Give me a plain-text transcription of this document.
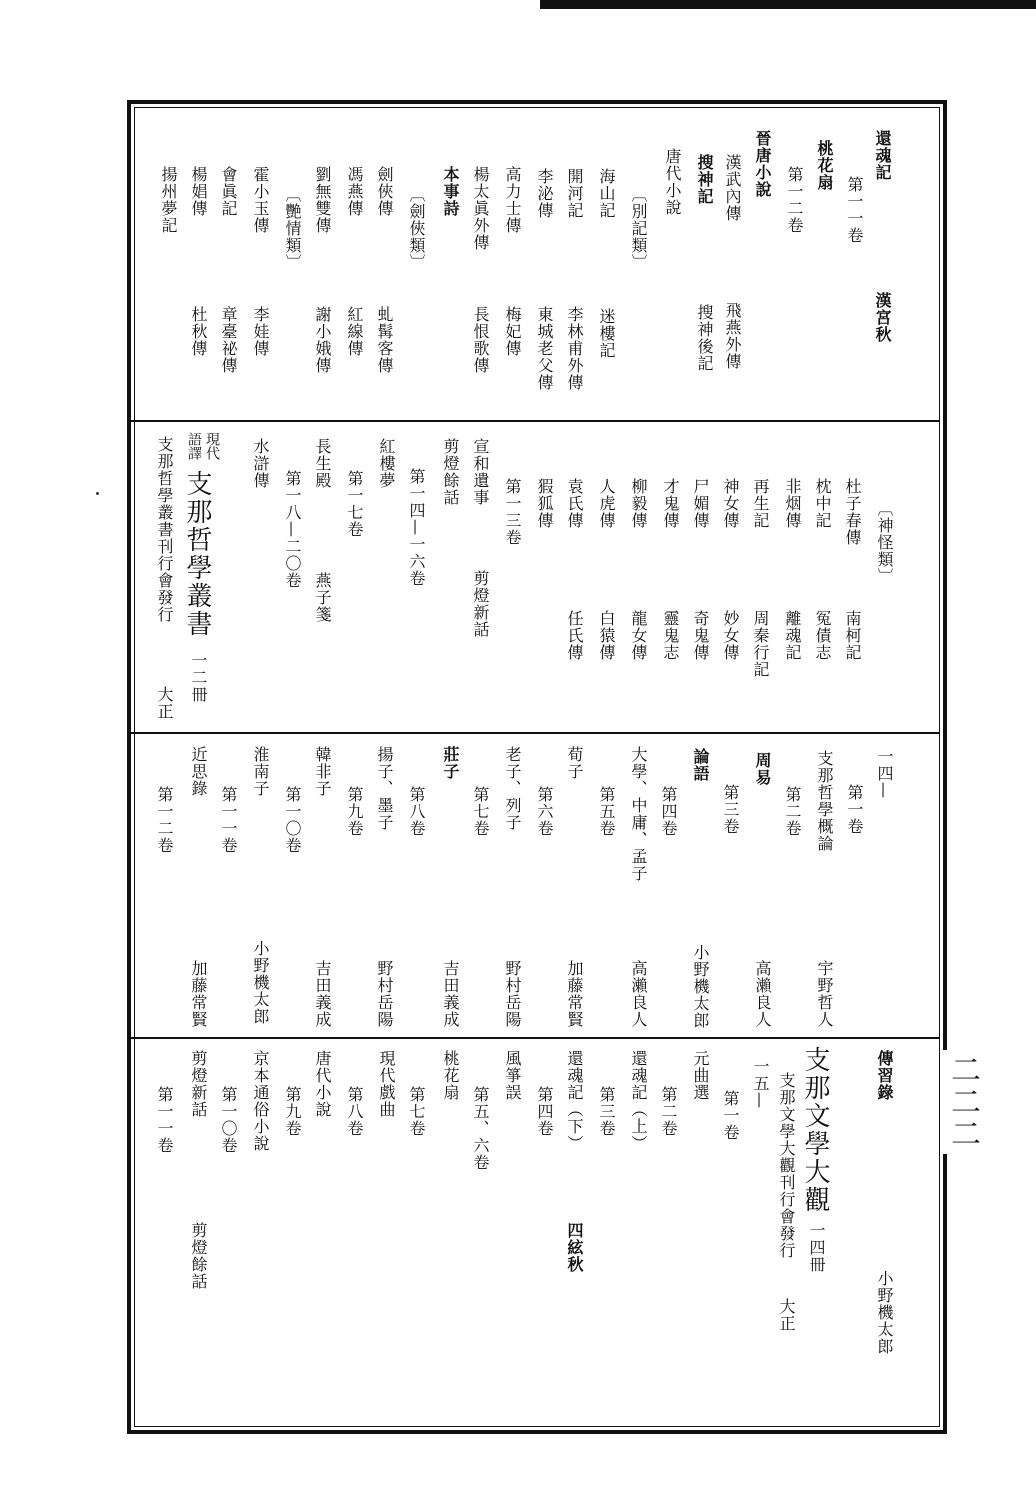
二二二
還魂記
第一一卷
漢宮秋
桃花扇
第一二卷
晉唐小說
漢武內傳
飛燕外傳
搜神記
搜神後記
唐代小說
〔別記類〕
海山記
迷樓記
開河記
李林甫外傳
李泌傳
東城老父傳
高力士傳
梅妃傳
楊太眞外傳
長恨歌傳
本事詩
〔劍俠類〕
劍俠傳
虬髯客傳
馮燕傳
紅線傳
劉無雙傳
謝小娥傳
〔艷情類〕
霍小玉傳
李娃傳
會眞記
章臺祕傳
楊娼傳
杜秋傳
揚州夢記
〔神怪類〕
杜子春傳
南柯記
枕中記
冤債志
非烟傳
離魂記
再生記
周秦行記
神女傳
妙女傳
尸媚傳
奇鬼傳
才鬼傳
靈鬼志
柳毅傳
龍女傳
人虎傳
白猿傳
袁氏傳
任氏傳
猳狐傳
第一三卷
宣和遺事
剪燈新話
剪燈餘話
第一四—一六卷
紅樓夢
第一七卷
長生殿
燕子箋
第一八—二〇卷
水滸傳
現代
語譯
支那哲學叢書
一二冊
支那哲學叢書刊行會發行
大正
一四—
第一卷
支那哲學概論
宇野哲人
第二卷
周易
高瀨良人
第三卷
論語
小野機太郎
第四卷
大學、中庸、孟子
高瀨良人
第五卷
荀子
加藤常賢
第六卷
老子、列子
野村岳陽
第七卷
莊子
吉田義成
第八卷
揚子、墨子
野村岳陽
第九卷
韓非子
吉田義成
第一〇卷
淮南子
小野機太郎
第一一卷
近思錄
加藤常賢
第一二卷
傳習錄
小野機太郎
支那文學大觀
一四冊
支那文學大觀刊行會發行
大正
一五—
第一卷
元曲選
第二卷
還魂記（上）
第三卷
還魂記（下）
四絃秋
第四卷
風箏誤
第五、六卷
桃花扇
第七卷
現代戲曲
第八卷
唐代小說
第九卷
京本通俗小說
第一〇卷
剪燈新話
剪燈餘話
第一一卷
